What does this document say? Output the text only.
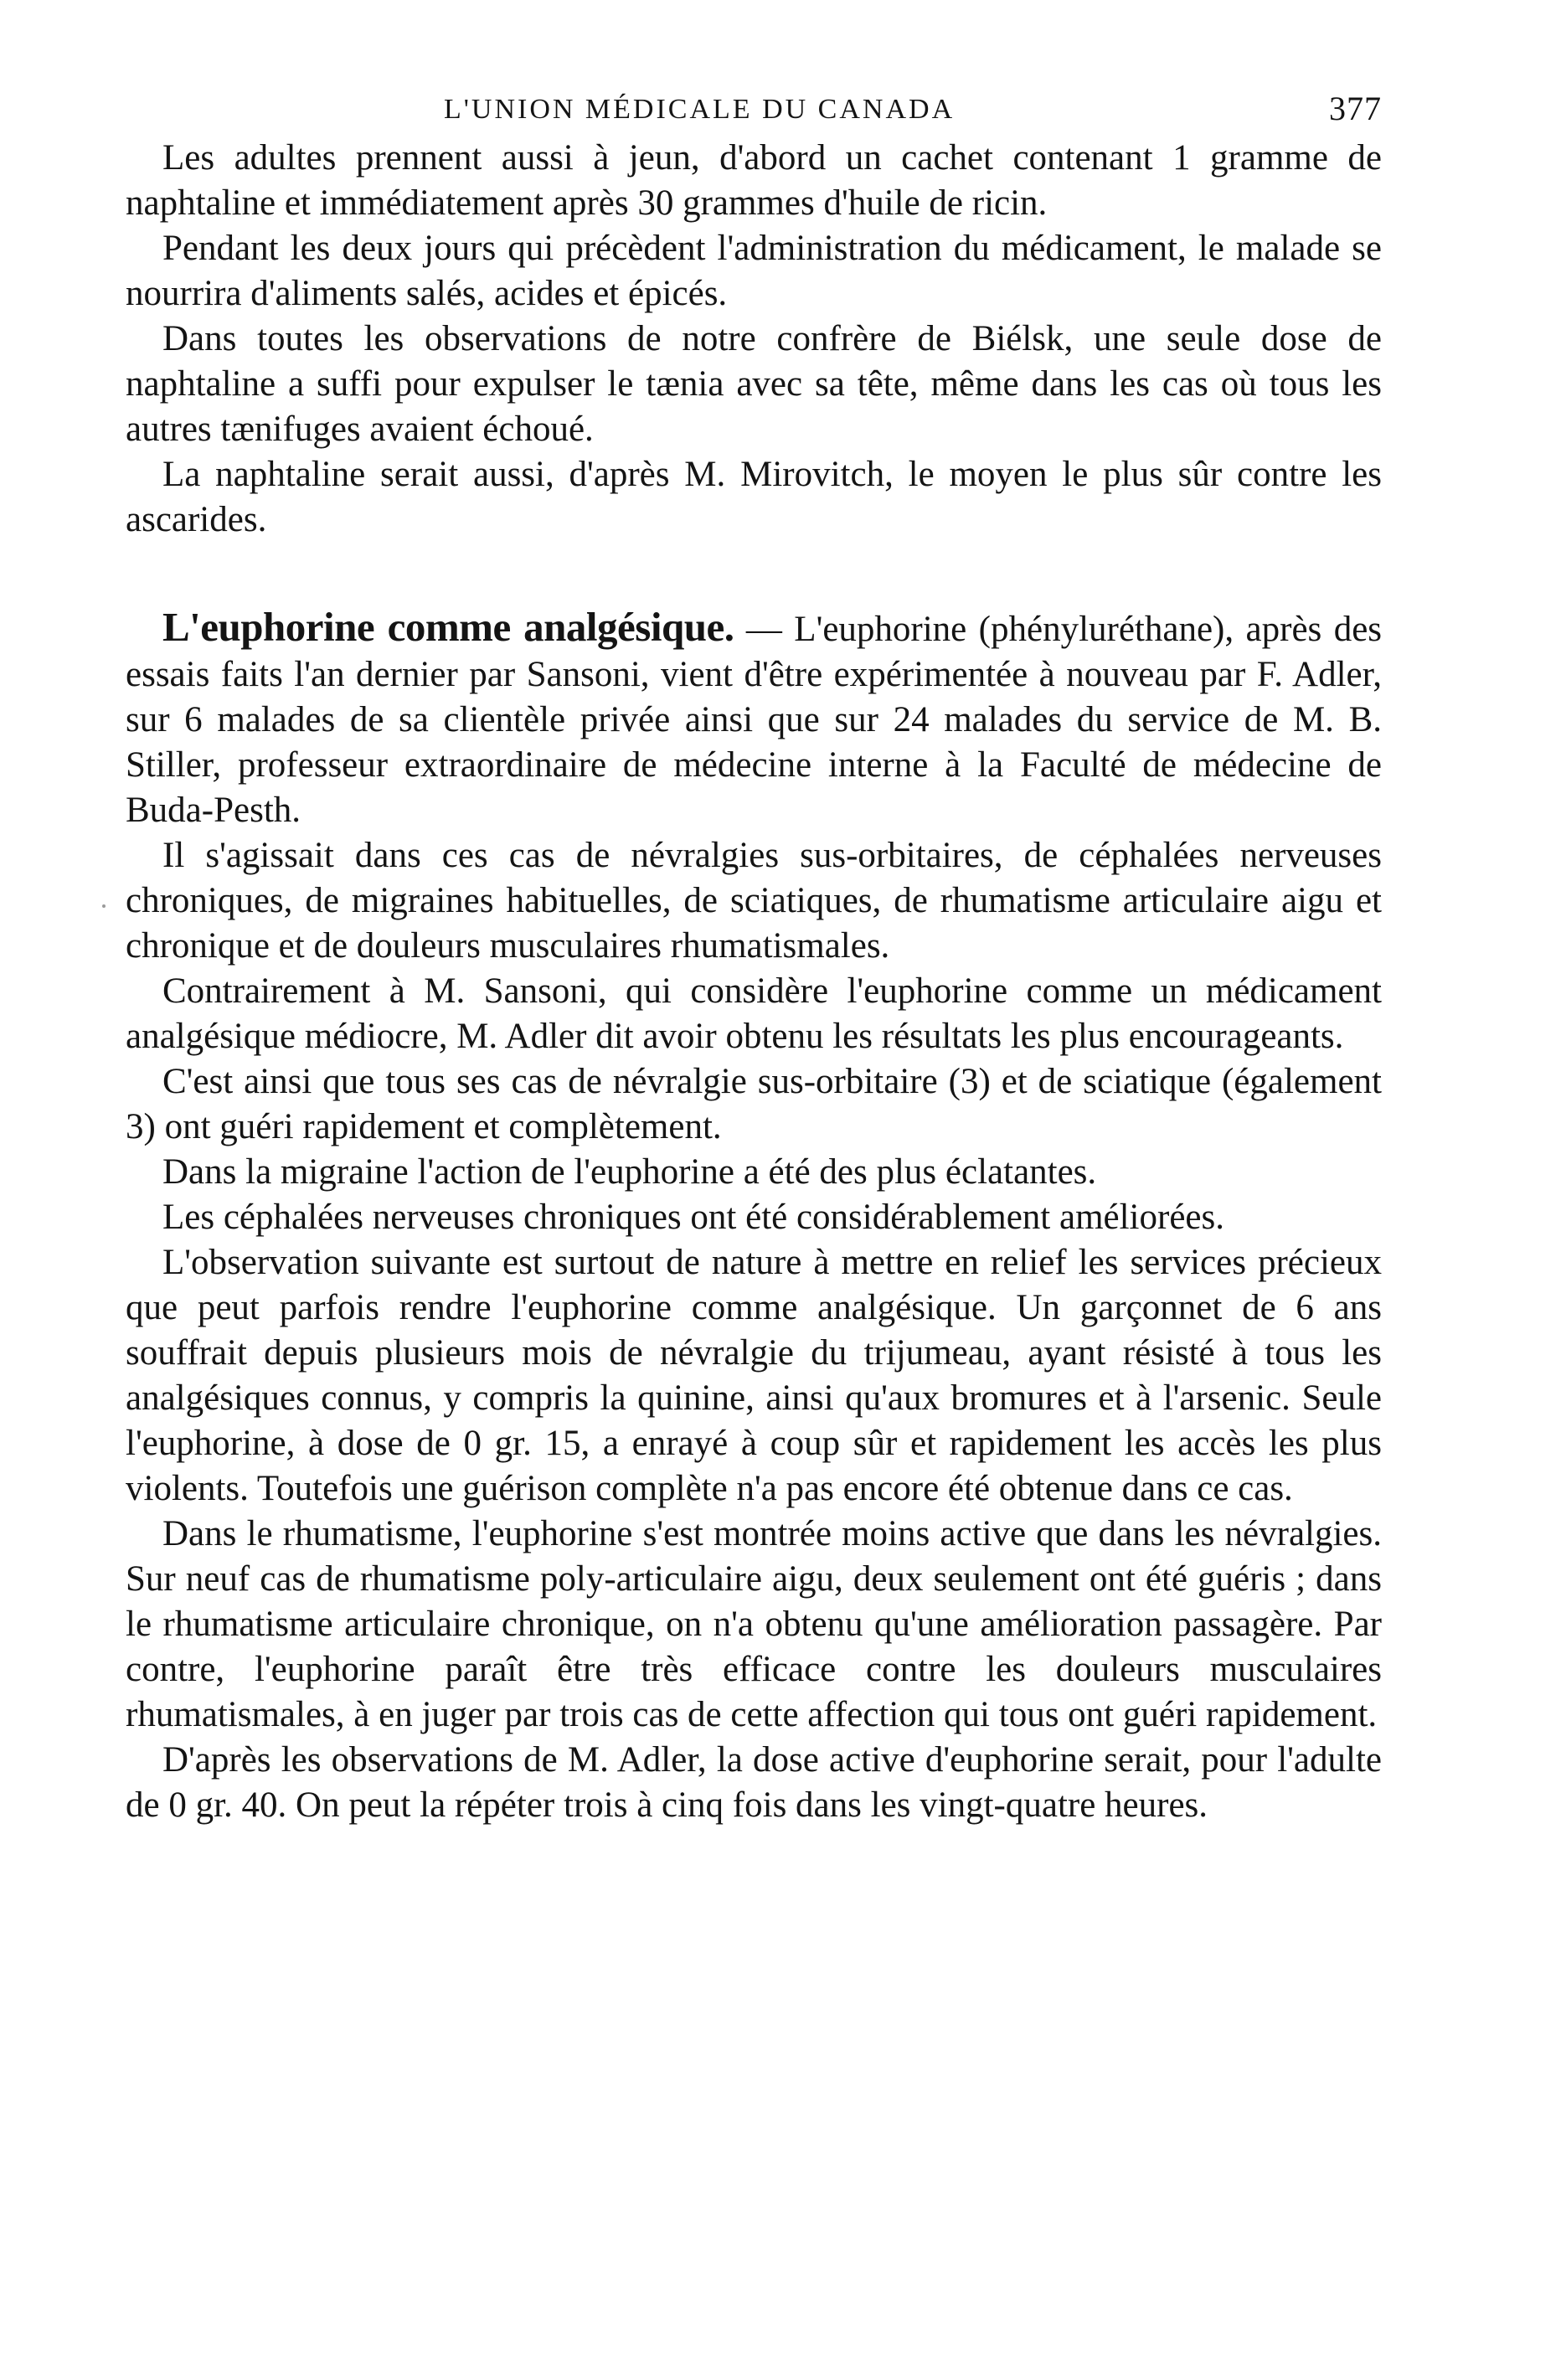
L'UNION MÉDICALE DU CANADA	377

Les adultes prennent aussi à jeun, d'abord un cachet contenant 1 gramme de naphtaline et immédiatement après 30 grammes d'huile de ricin.

Pendant les deux jours qui précèdent l'administration du médicament, le malade se nourrira d'aliments salés, acides et épicés.

Dans toutes les observations de notre confrère de Biélsk, une seule dose de naphtaline a suffi pour expulser le tænia avec sa tête, même dans les cas où tous les autres tænifuges avaient échoué.

La naphtaline serait aussi, d'après M. Mirovitch, le moyen le plus sûr contre les ascarides.

L'euphorine comme analgésique. — L'euphorine (phényluréthane), après des essais faits l'an dernier par Sansoni, vient d'être expérimentée à nouveau par F. Adler, sur 6 malades de sa clientèle privée ainsi que sur 24 malades du service de M. B. Stiller, professeur extraordinaire de médecine interne à la Faculté de médecine de Buda-Pesth.

Il s'agissait dans ces cas de névralgies sus-orbitaires, de céphalées nerveuses chroniques, de migraines habituelles, de sciatiques, de rhumatisme articulaire aigu et chronique et de douleurs musculaires rhumatismales.

Contrairement à M. Sansoni, qui considère l'euphorine comme un médicament analgésique médiocre, M. Adler dit avoir obtenu les résultats les plus encourageants.

C'est ainsi que tous ses cas de névralgie sus-orbitaire (3) et de sciatique (également 3) ont guéri rapidement et complètement.

Dans la migraine l'action de l'euphorine a été des plus éclatantes.

Les céphalées nerveuses chroniques ont été considérablement améliorées.

L'observation suivante est surtout de nature à mettre en relief les services précieux que peut parfois rendre l'euphorine comme analgésique. Un garçonnet de 6 ans souffrait depuis plusieurs mois de névralgie du trijumeau, ayant résisté à tous les analgésiques connus, y compris la quinine, ainsi qu'aux bromures et à l'arsenic. Seule l'euphorine, à dose de 0 gr. 15, a enrayé à coup sûr et rapidement les accès les plus violents. Toutefois une guérison complète n'a pas encore été obtenue dans ce cas.

Dans le rhumatisme, l'euphorine s'est montrée moins active que dans les névralgies. Sur neuf cas de rhumatisme poly-articulaire aigu, deux seulement ont été guéris ; dans le rhumatisme articulaire chronique, on n'a obtenu qu'une amélioration passagère. Par contre, l'euphorine paraît être très efficace contre les douleurs musculaires rhumatismales, à en juger par trois cas de cette affection qui tous ont guéri rapidement.

D'après les observations de M. Adler, la dose active d'euphorine serait, pour l'adulte de 0 gr. 40. On peut la répéter trois à cinq fois dans les vingt-quatre heures.
